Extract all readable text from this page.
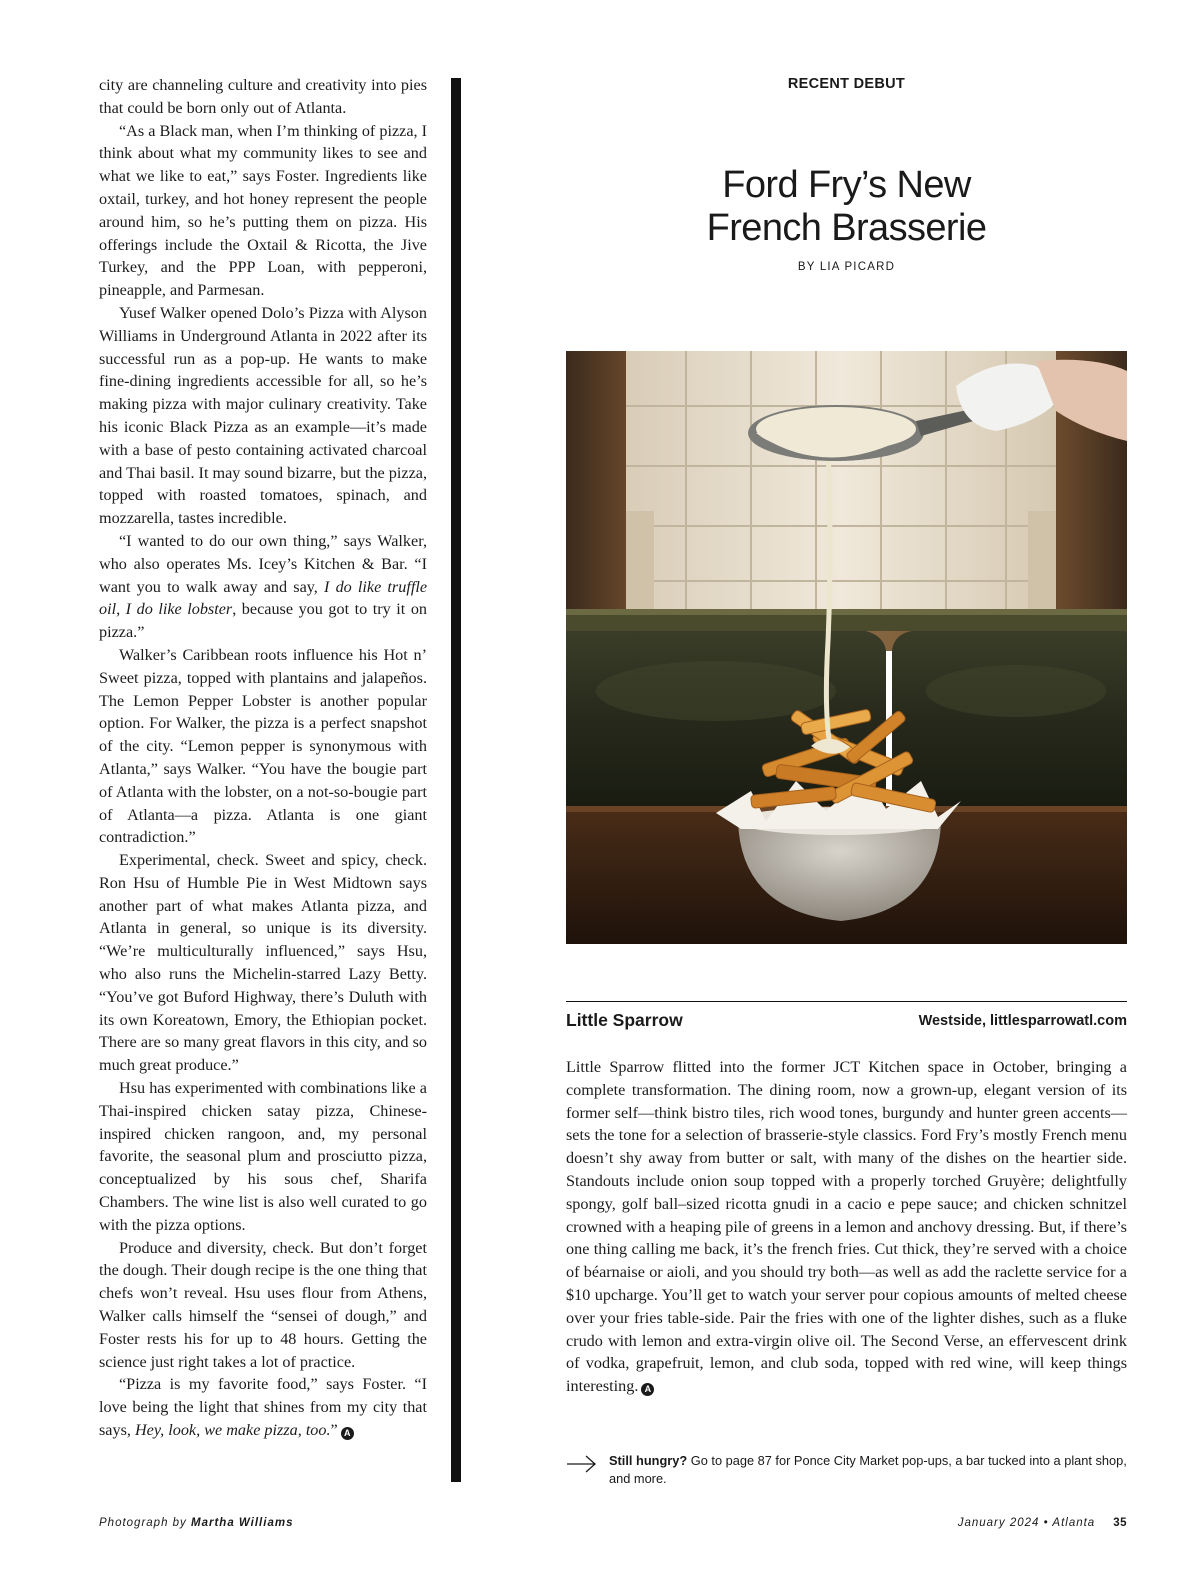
city are channeling culture and creativity into pies that could be born only out of Atlanta.

“As a Black man, when I’m thinking of pizza, I think about what my community likes to see and what we like to eat,” says Foster. Ingredients like oxtail, turkey, and hot honey represent the people around him, so he’s putting them on pizza. His offerings include the Oxtail & Ricotta, the Jive Turkey, and the PPP Loan, with pepperoni, pineapple, and Parmesan.

Yusef Walker opened Dolo’s Pizza with Alyson Williams in Underground Atlanta in 2022 after its successful run as a pop-up. He wants to make fine-dining ingredients accessible for all, so he’s making pizza with major culinary creativity. Take his iconic Black Pizza as an example—it’s made with a base of pesto containing activated charcoal and Thai basil. It may sound bizarre, but the pizza, topped with roasted tomatoes, spinach, and mozzarella, tastes incredible.

“I wanted to do our own thing,” says Walker, who also operates Ms. Icey’s Kitchen & Bar. “I want you to walk away and say, I do like truffle oil, I do like lobster, because you got to try it on pizza.”

Walker’s Caribbean roots influence his Hot n’ Sweet pizza, topped with plantains and jalapeños. The Lemon Pepper Lobster is another popular option. For Walker, the pizza is a perfect snapshot of the city. “Lemon pepper is synonymous with Atlanta,” says Walker. “You have the bougie part of Atlanta with the lobster, on a not-so-bougie part of Atlanta—a pizza. Atlanta is one giant contradiction.”

Experimental, check. Sweet and spicy, check. Ron Hsu of Humble Pie in West Midtown says another part of what makes Atlanta pizza, and Atlanta in general, so unique is its diversity. “We’re multiculturally influenced,” says Hsu, who also runs the Michelin-starred Lazy Betty. “You’ve got Buford Highway, there’s Duluth with its own Koreatown, Emory, the Ethiopian pocket. There are so many great flavors in this city, and so much great produce.”

Hsu has experimented with combinations like a Thai-inspired chicken satay pizza, Chinese-inspired chicken rangoon, and, my personal favorite, the seasonal plum and prosciutto pizza, conceptualized by his sous chef, Sharifa Chambers. The wine list is also well curated to go with the pizza options.

Produce and diversity, check. But don’t forget the dough. Their dough recipe is the one thing that chefs won’t reveal. Hsu uses flour from Athens, Walker calls himself the “sensei of dough,” and Foster rests his for up to 48 hours. Getting the science just right takes a lot of practice.

“Pizza is my favorite food,” says Foster. “I love being the light that shines from my city that says, Hey, look, we make pizza, too.” A

RECENT DEBUT
Ford Fry’s New
French Brasserie
BY LIA PICARD
Little Sparrow	Westside, littlesparrowatl.com
Little Sparrow flitted into the former JCT Kitchen space in October, bringing a complete transformation. The dining room, now a grown-up, elegant version of its former self—think bistro tiles, rich wood tones, burgundy and hunter green accents—sets the tone for a selection of brasserie-style classics. Ford Fry’s mostly French menu doesn’t shy away from butter or salt, with many of the dishes on the heartier side. Standouts include onion soup topped with a properly torched Gruyère; delightfully spongy, golf ball–sized ricotta gnudi in a cacio e pepe sauce; and chicken schnitzel crowned with a heaping pile of greens in a lemon and anchovy dressing. But, if there’s one thing calling me back, it’s the french fries. Cut thick, they’re served with a choice of béarnaise or aioli, and you should try both—as well as add the raclette service for a $10 upcharge. You’ll get to watch your server pour copious amounts of melted cheese over your fries table-side. Pair the fries with one of the lighter dishes, such as a fluke crudo with lemon and extra-virgin olive oil. The Second Verse, an effervescent drink of vodka, grapefruit, lemon, and club soda, topped with red wine, will keep things interesting. A
Still hungry? Go to page 87 for Ponce City Market pop-ups, a bar tucked into a plant shop, and more.
Photograph by Martha Williams	January 2024 • Atlanta 35
